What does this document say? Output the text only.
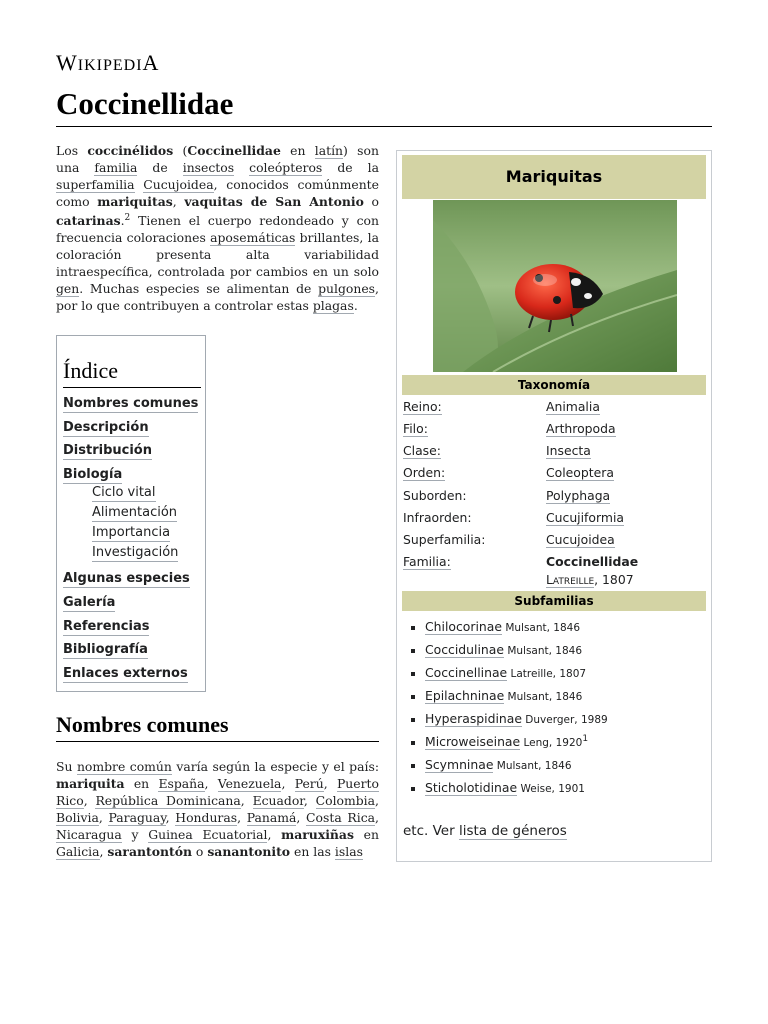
WIKIPEDIA
Coccinellidae

Los coccinélidos (Coccinellidae en latín) son una familia de insectos coleópteros de la superfamilia Cucujoidea, conocidos comúnmente como mariquitas, vaquitas de San Antonio o catarinas.$^2$ Tienen el cuerpo redondeado y con frecuencia coloraciones aposemáticas brillantes, la coloración presenta alta variabilidad intraespecífica, controlada por cambios en un solo gen. Muchas especies se alimentan de pulgones, por lo que contribuyen a controlar estas plagas.

Índice
Nombres comunes
Descripción
Distribución
Biología
Ciclo vital
Alimentación
Importancia
Investigación
Algunas especies
Galería
Referencias
Bibliografía
Enlaces externos
Nombres comunes

Su nombre común varía según la especie y el país: mariquita en España, Venezuela, Perú, Puerto Rico, República Dominicana, Ecuador, Colombia, Bolivia, Paraguay, Honduras, Panamá, Costa Rica, Nicaragua y Guinea Ecuatorial, maruxiñas en Galicia, sarantontón o sanantonito en las islas

Mariquitas
Taxonomía
Reino:	Animalia
Filo:	Arthropoda
Clase:	Insecta
Orden:	Coleoptera
Suborden:	Polyphaga
Infraorden:	Cucujiformia
Superfamilia:	Cucujoidea
Familia:	Coccinellidae
Latreille, 1807
Subfamilias
Chilocorinae Mulsant, 1846
Coccidulinae Mulsant, 1846
Coccinellinae Latreille, 1807
Epilachninae Mulsant, 1846
Hyperaspidinae Duverger, 1989
Microweiseinae Leng, 1920$^1$
Scymninae Mulsant, 1846
Sticholotidinae Weise, 1901
etc. Ver lista de géneros
